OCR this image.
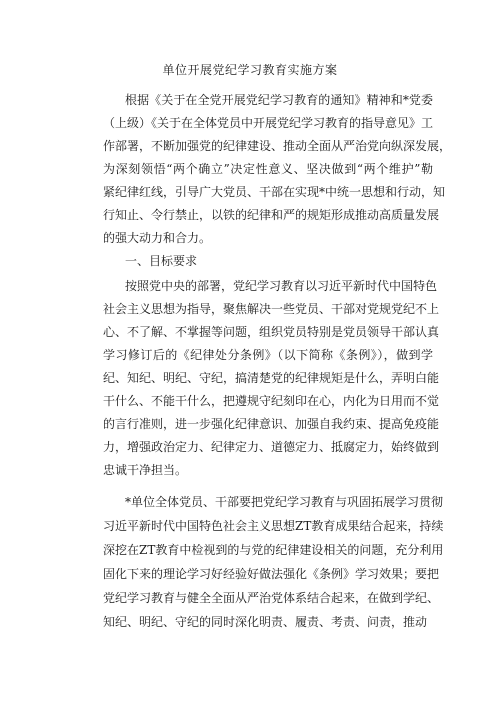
单位开展党纪学习教育实施方案
根据《关于在全党开展党纪学习教育的通知》精神和*党委
（上级）《关于在全体党员中开展党纪学习教育的指导意见》工
作部署，不断加强党的纪律建设、推动全面从严治党向纵深发展，
为深刻领悟“两个确立”决定性意义、坚决做到“两个维护”勒
紧纪律红线，引导广大党员、干部在实现*中统一思想和行动，知
行知止、令行禁止，以铁的纪律和严的规矩形成推动高质量发展
的强大动力和合力。
一、目标要求
按照党中央的部署，党纪学习教育以习近平新时代中国特色
社会主义思想为指导，聚焦解决一些党员、干部对党规党纪不上
心、不了解、不掌握等问题，组织党员特别是党员领导干部认真
学习修订后的《纪律处分条例》（以下简称《条例》），做到学
纪、知纪、明纪、守纪，搞清楚党的纪律规矩是什么，弄明白能
干什么、不能干什么，把遵规守纪刻印在心，内化为日用而不觉
的言行准则，进一步强化纪律意识、加强自我约束、提高免疫能
力，增强政治定力、纪律定力、道德定力、抵腐定力，始终做到
忠诚干净担当。
*单位全体党员、干部要把党纪学习教育与巩固拓展学习贯彻
习近平新时代中国特色社会主义思想ZT教育成果结合起来，持续
深挖在ZT教育中检视到的与党的纪律建设相关的问题，充分利用
固化下来的理论学习好经验好做法强化《条例》学习效果；要把
党纪学习教育与健全全面从严治党体系结合起来，在做到学纪、
知纪、明纪、守纪的同时深化明责、履责、考责、问责，推动
